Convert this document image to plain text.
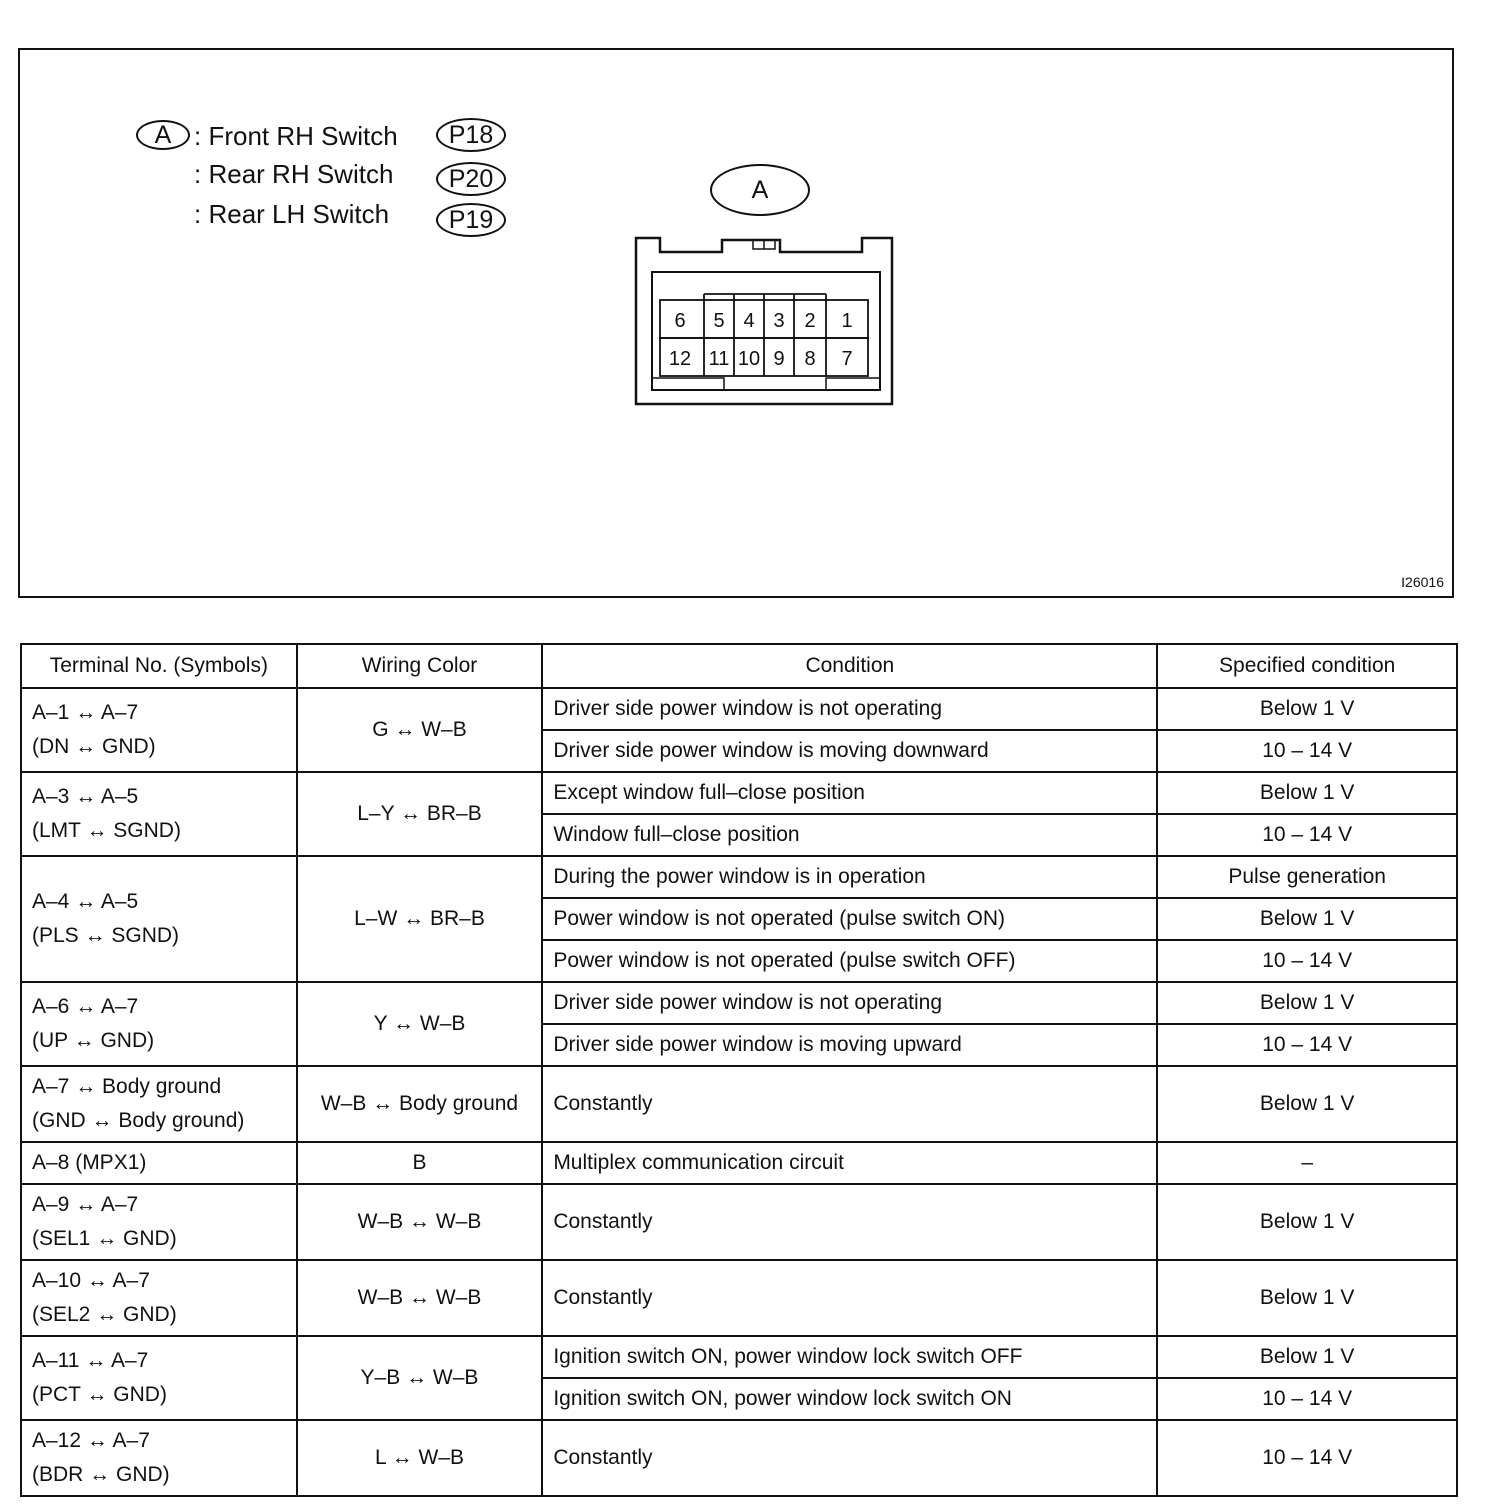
A : Front RH Switch P18
: Rear RH Switch P20
: Rear LH Switch P19
A
6 5 4 3 2 1
12 11 10 9 8 7
I26016
Terminal No. (Symbols)	Wiring Color	Condition	Specified condition

A–1 ↔ A–7
(DN ↔ GND)	G ↔ W–B	Driver side power window is not operating	Below 1 V
		Driver side power window is moving downward	10 – 14 V

A–3 ↔ A–5
(LMT ↔ SGND)	L–Y ↔ BR–B	Except window full–close position	Below 1 V
		Window full–close position	10 – 14 V

A–4 ↔ A–5
(PLS ↔ SGND)	L–W ↔ BR–B	During the power window is in operation	Pulse generation
		Power window is not operated (pulse switch ON)	Below 1 V
		Power window is not operated (pulse switch OFF)	10 – 14 V

A–6 ↔ A–7
(UP ↔ GND)	Y ↔ W–B	Driver side power window is not operating	Below 1 V
		Driver side power window is moving upward	10 – 14 V

A–7 ↔ Body ground
(GND ↔ Body ground)	W–B ↔ Body ground	Constantly	Below 1 V

A–8 (MPX1)	B	Multiplex communication circuit	–

A–9 ↔ A–7
(SEL1 ↔ GND)	W–B ↔ W–B	Constantly	Below 1 V

A–10 ↔ A–7
(SEL2 ↔ GND)	W–B ↔ W–B	Constantly	Below 1 V

A–11 ↔ A–7
(PCT ↔ GND)	Y–B ↔ W–B	Ignition switch ON, power window lock switch OFF	Below 1 V
		Ignition switch ON, power window lock switch ON	10 – 14 V

A–12 ↔ A–7
(BDR ↔ GND)	L ↔ W–B	Constantly	10 – 14 V
